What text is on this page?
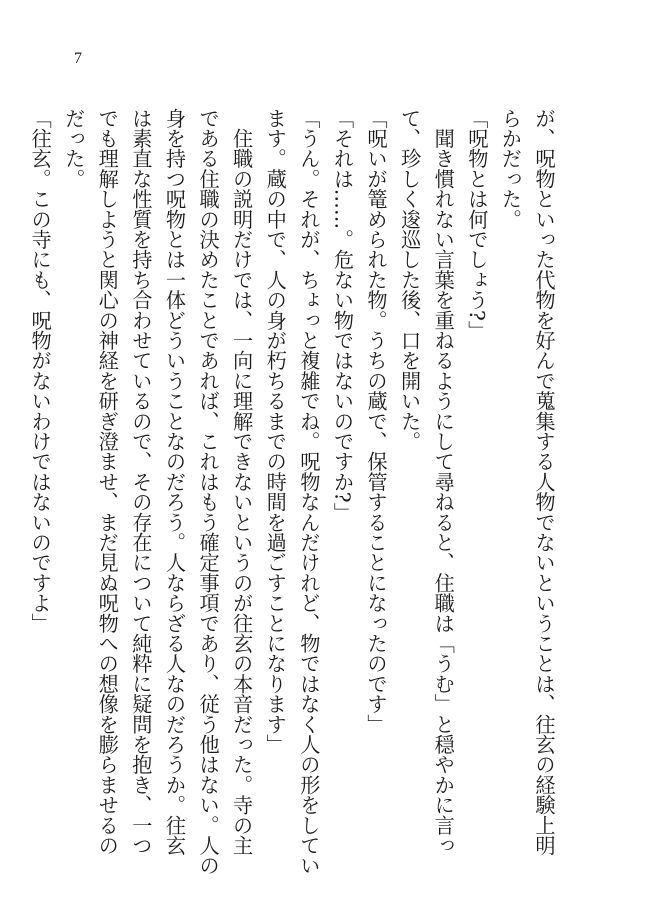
7
が、呪物といった代物を好んで蒐集する人物でないということは、往玄の経験上明
らかだった。
「呪物とは何でしょう?」
　聞き慣れない言葉を重ねるようにして尋ねると、住職は「うむ」と穏やかに言っ
て、珍しく逡巡した後、口を開いた。
「呪いが篭められた物。うちの蔵で、保管することになったのです」
「それは……。危ない物ではないのですか?」
「うん。それが、ちょっと複雑でね。呪物なんだけれど、物ではなく人の形をしてい
ます。蔵の中で、人の身が朽ちるまでの時間を過ごすことになります」
　住職の説明だけでは、一向に理解できないというのが往玄の本音だった。寺の主
である住職の決めたことであれば、これはもう確定事項であり、従う他はない。人の
身を持つ呪物とは一体どういうことなのだろう。人ならざる人なのだろうか。往玄
は素直な性質を持ち合わせているので、その存在について純粋に疑問を抱き、一つ
でも理解しようと関心の神経を研ぎ澄ませ、まだ見ぬ呪物への想像を膨らませるの
だった。
「往玄。この寺にも、呪物がないわけではないのですよ」
